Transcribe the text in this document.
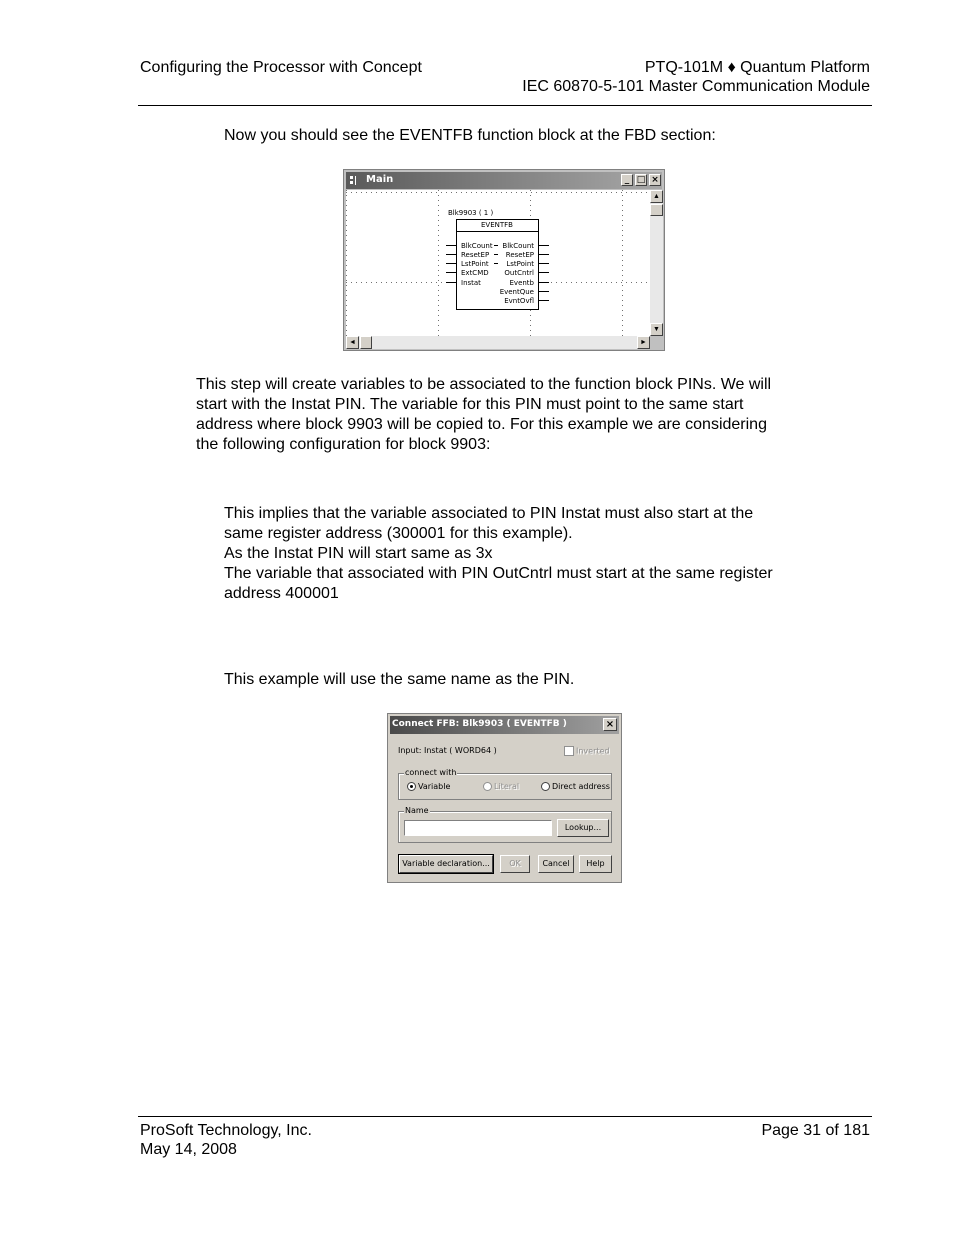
Configuring the Processor with Concept	PTQ-101M ♦ Quantum Platform
IEC 60870-5-101 Master Communication Module
Now you should see the EVENTFB function block at the FBD section:
Main	_ □ ×
Blk9903 ( 1 )
EVENTFB
BlkCount
ResetEP
LstPoint
ExtCMD
Instat
BlkCount
ResetEP
LstPoint
OutCntrl
Eventb
EventQue
EvntOvfl
▲
▼
◄	►
This step will create variables to be associated to the function block PINs. We will
start with the Instat PIN. The variable for this PIN must point to the same start
address where block 9903 will be copied to. For this example we are considering
the following configuration for block 9903:
This implies that the variable associated to PIN Instat must also start at the
same register address (300001 for this example).
As the Instat PIN will start same as 3x
The variable that associated with PIN OutCntrl must start at the same register
address 400001
This example will use the same name as the PIN.
Connect FFB: Blk9903 ( EVENTFB )	×
Input: Instat ( WORD64 )	Inverted
connect with
Variable	Literal	Direct address
Name
Lookup...
Variable declaration...	OK	Cancel	Help
ProSoft Technology, Inc.
May 14, 2008
Page 31 of 181
